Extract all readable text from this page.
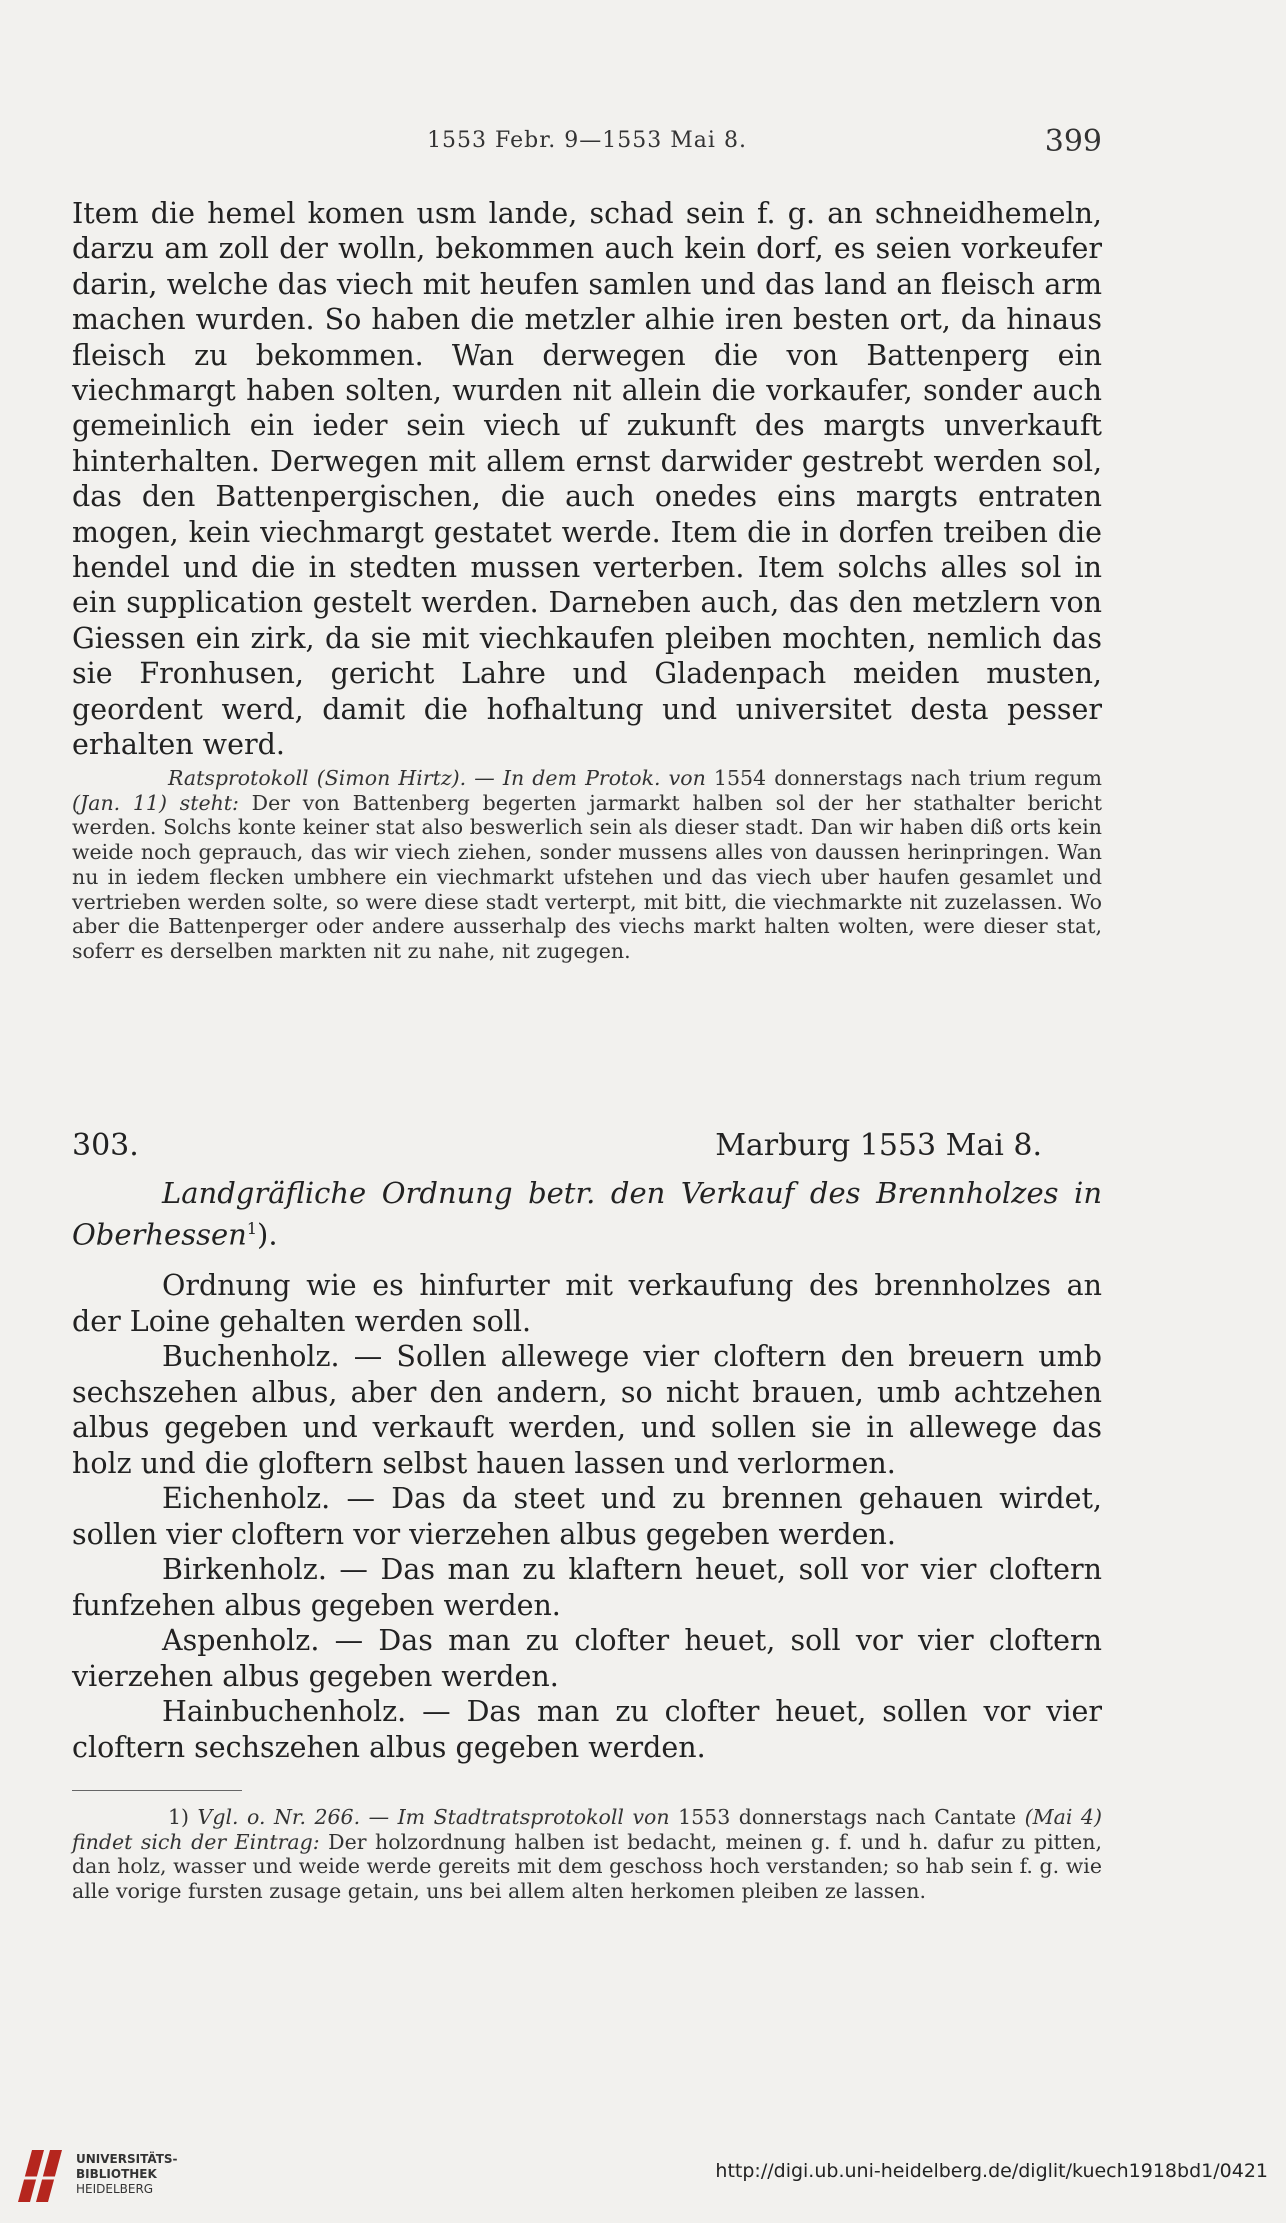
1553 Febr. 9—1553 Mai 8.	399

Item die hemel komen usm lande, schad sein f. g. an schneidhemeln, darzu am zoll der wolln, bekommen auch kein dorf, es seien vorkeufer darin, welche das viech mit heufen samlen und das land an fleisch arm machen wurden. So haben die metzler alhie iren besten ort, da hinaus fleisch zu bekommen. Wan derwegen die von Battenperg ein viechmargt haben solten, wurden nit allein die vorkaufer, sonder auch gemeinlich ein ieder sein viech uf zukunft des margts unverkauft hinterhalten. Derwegen mit allem ernst darwider gestrebt werden sol, das den Battenpergischen, die auch onedes eins margts entraten mogen, kein viechmargt gestatet werde. Item die in dorfen treiben die hendel und die in stedten mussen verterben. Item solchs alles sol in ein supplication gestelt werden. Darneben auch, das den metzlern von Giessen ein zirk, da sie mit viechkaufen pleiben mochten, nemlich das sie Fronhusen, gericht Lahre und Gladenpach meiden musten, geordent werd, damit die hofhaltung und universitet desta pesser erhalten werd.

Ratsprotokoll (Simon Hirtz). — In dem Protok. von 1554 donnerstags nach trium regum (Jan. 11) steht: Der von Battenberg begerten jarmarkt halben sol der her stathalter bericht werden. Solchs konte keiner stat also beswerlich sein als dieser stadt. Dan wir haben diß orts kein weide noch geprauch, das wir viech ziehen, sonder mussens alles von daussen herinpringen. Wan nu in iedem flecken umbhere ein viechmarkt ufstehen und das viech uber haufen gesamlet und vertrieben werden solte, so were diese stadt verterpt, mit bitt, die viechmarkte nit zuzelassen. Wo aber die Battenperger oder andere ausserhalp des viechs markt halten wolten, were dieser stat, soferr es derselben markten nit zu nahe, nit zugegen.
303.	Marburg 1553 Mai 8.
Landgräfliche Ordnung betr. den Verkauf des Brennholzes in Oberhessen$^1$).

Ordnung wie es hinfurter mit verkaufung des brennholzes an der Loine gehalten werden soll.

Buchenholz. — Sollen allewege vier cloftern den breuern umb sechszehen albus, aber den andern, so nicht brauen, umb achtzehen albus gegeben und verkauft werden, und sollen sie in allewege das holz und die gloftern selbst hauen lassen und verlormen.

Eichenholz. — Das da steet und zu brennen gehauen wirdet, sollen vier cloftern vor vierzehen albus gegeben werden.

Birkenholz. — Das man zu klaftern heuet, soll vor vier cloftern funfzehen albus gegeben werden.

Aspenholz. — Das man zu clofter heuet, soll vor vier cloftern vierzehen albus gegeben werden.

Hainbuchenholz. — Das man zu clofter heuet, sollen vor vier cloftern sechszehen albus gegeben werden.

1) Vgl. o. Nr. 266. — Im Stadtratsprotokoll von 1553 donnerstags nach Cantate (Mai 4) findet sich der Eintrag: Der holzordnung halben ist bedacht, meinen g. f. und h. dafur zu pitten, dan holz, wasser und weide werde gereits mit dem geschoss hoch verstanden; so hab sein f. g. wie alle vorige fursten zusage getain, uns bei allem alten herkomen pleiben ze lassen.
UNIVERSITÄTS-
BIBLIOTHEK
HEIDELBERG
http://digi.ub.uni-heidelberg.de/diglit/kuech1918bd1/0421
